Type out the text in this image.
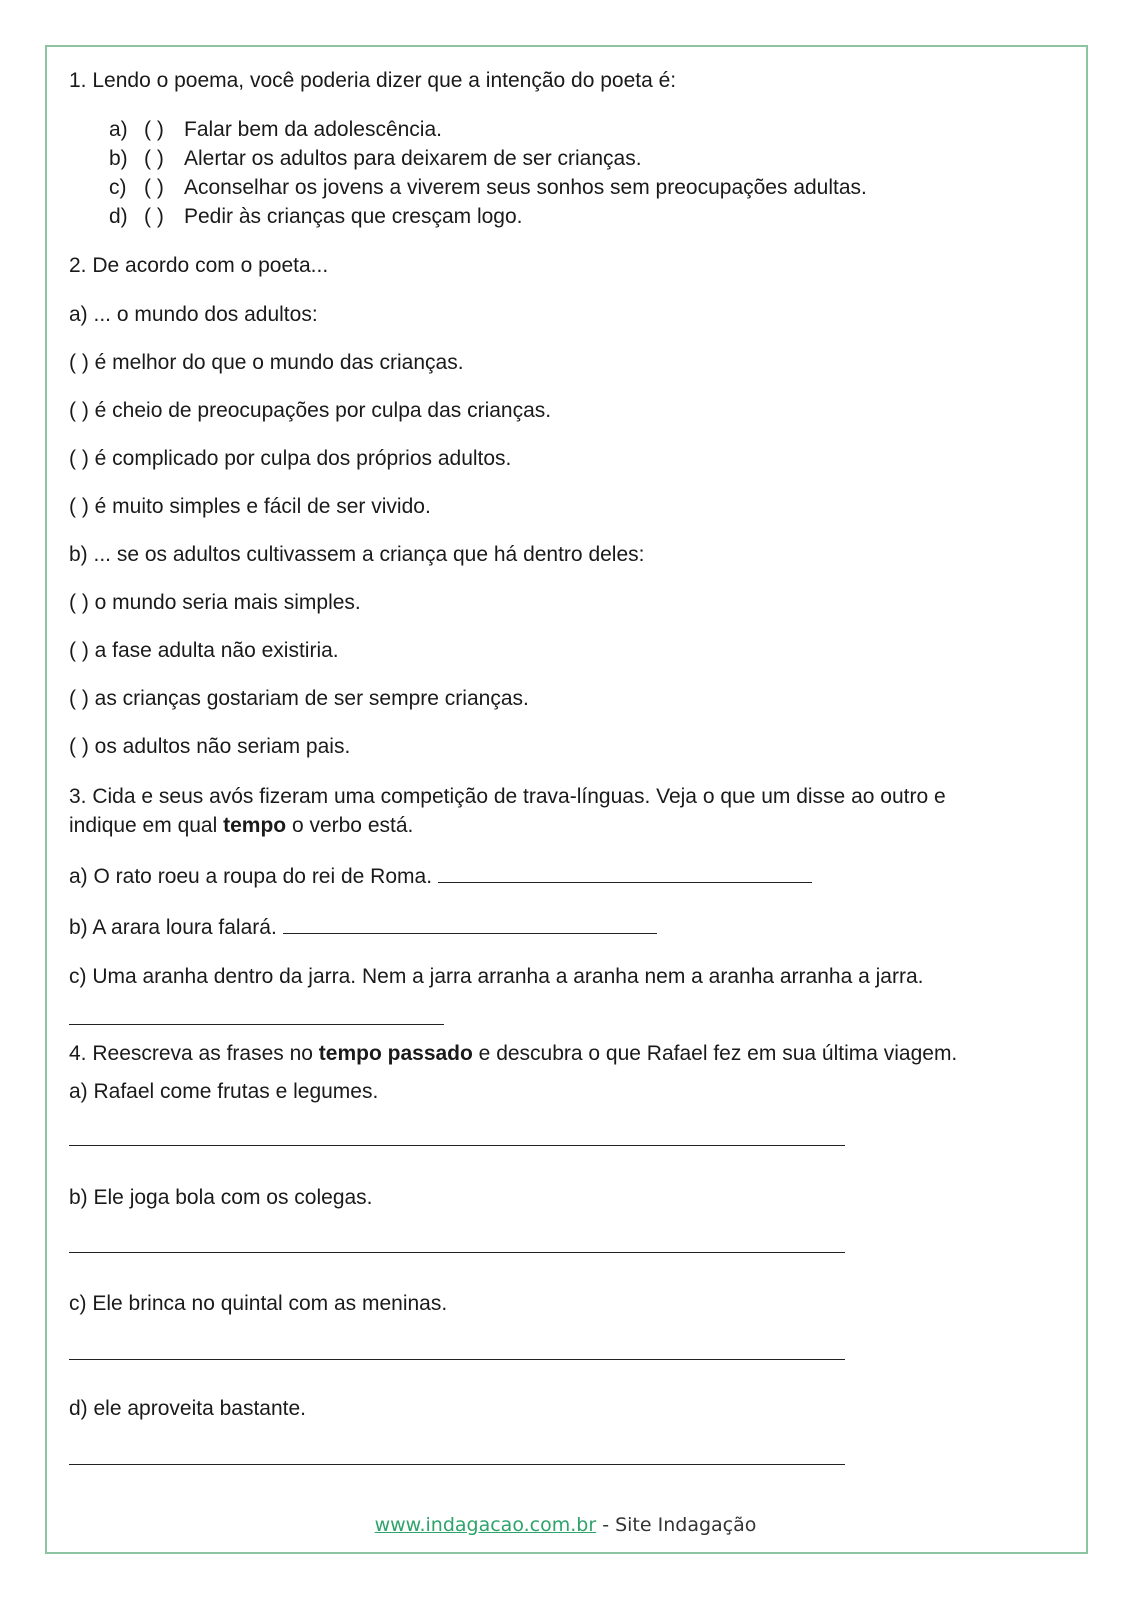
1. Lendo o poema, você poderia dizer que a intenção do poeta é:
a) ( ) Falar bem da adolescência.
b) ( ) Alertar os adultos para deixarem de ser crianças.
c) ( ) Aconselhar os jovens a viverem seus sonhos sem preocupações adultas.
d) ( ) Pedir às crianças que cresçam logo.
2. De acordo com o poeta...
a) ... o mundo dos adultos:
( ) é melhor do que o mundo das crianças.
( ) é cheio de preocupações por culpa das crianças.
( ) é complicado por culpa dos próprios adultos.
( ) é muito simples e fácil de ser vivido.
b) ... se os adultos cultivassem a criança que há dentro deles:
( ) o mundo seria mais simples.
( ) a fase adulta não existiria.
( ) as crianças gostariam de ser sempre crianças.
( ) os adultos não seriam pais.
3. Cida e seus avós fizeram uma competição de trava-línguas. Veja o que um disse ao outro e
indique em qual tempo o verbo está.
a) O rato roeu a roupa do rei de Roma.
b) A arara loura falará.
c) Uma aranha dentro da jarra. Nem a jarra arranha a aranha nem a aranha arranha a jarra.
4. Reescreva as frases no tempo passado e descubra o que Rafael fez em sua última viagem.
a) Rafael come frutas e legumes.
b) Ele joga bola com os colegas.
c) Ele brinca no quintal com as meninas.
d) ele aproveita bastante.
www.indagacao.com.br - Site Indagação
